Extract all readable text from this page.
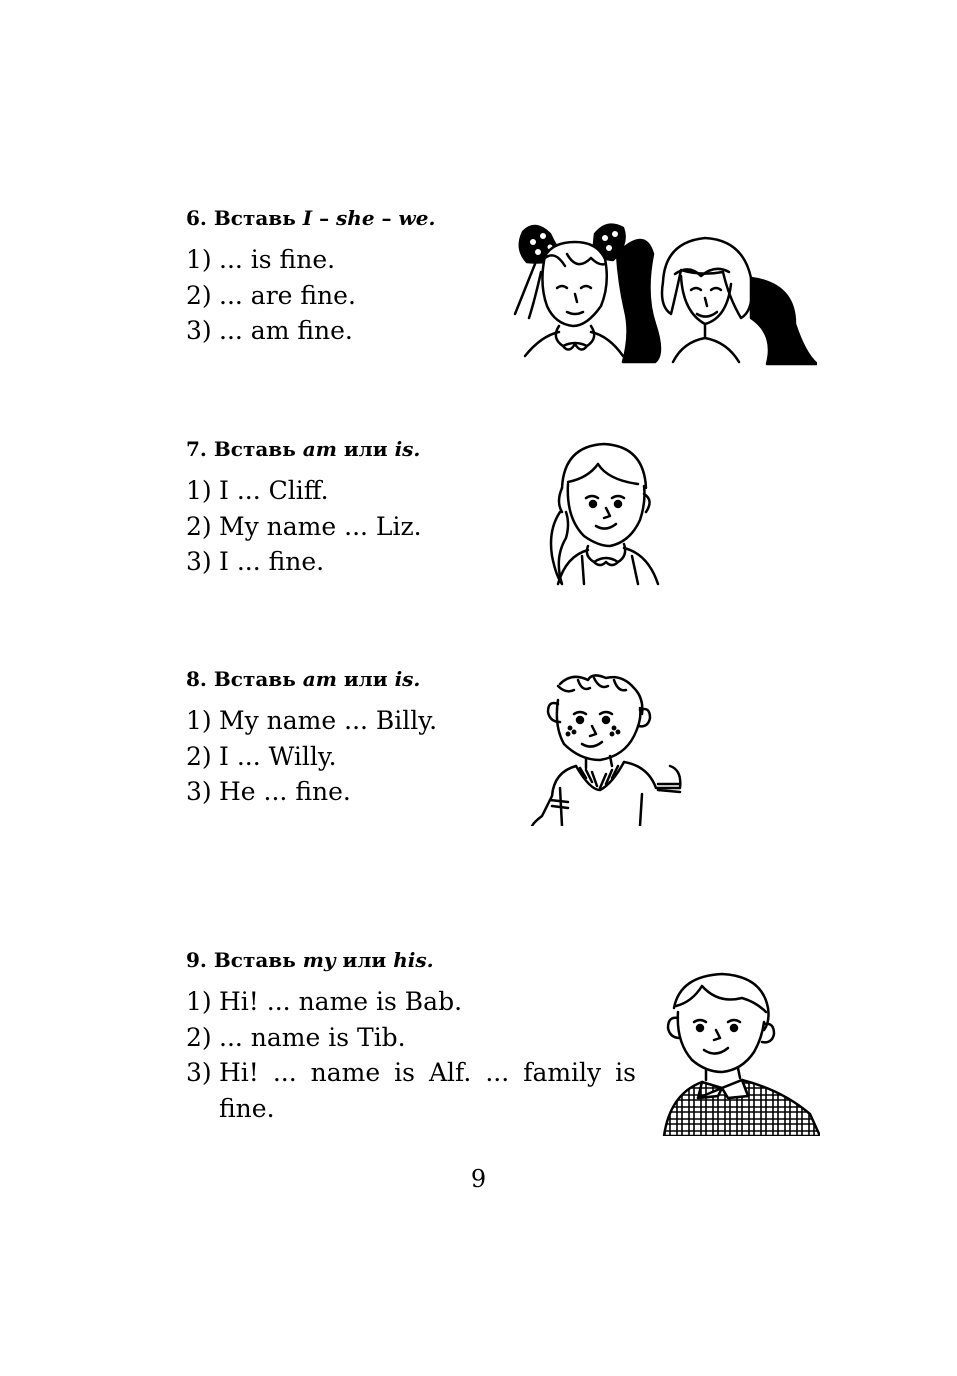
6. Вставь I – she – we.
1) ... is fine.
2) ... are fine.
3) ... am fine.
7. Вставь am или is.
1) I ... Cliff.
2) My name ... Liz.
3) I ... fine.
8. Вставь am или is.
1) My name ... Billy.
2) I ... Willy.
3) He ... fine.
9. Вставь my или his.
1) Hi! ... name is Bab.
2) ... name is Tib.
3) Hi! ... name is Alf. ... family is fine.
9
